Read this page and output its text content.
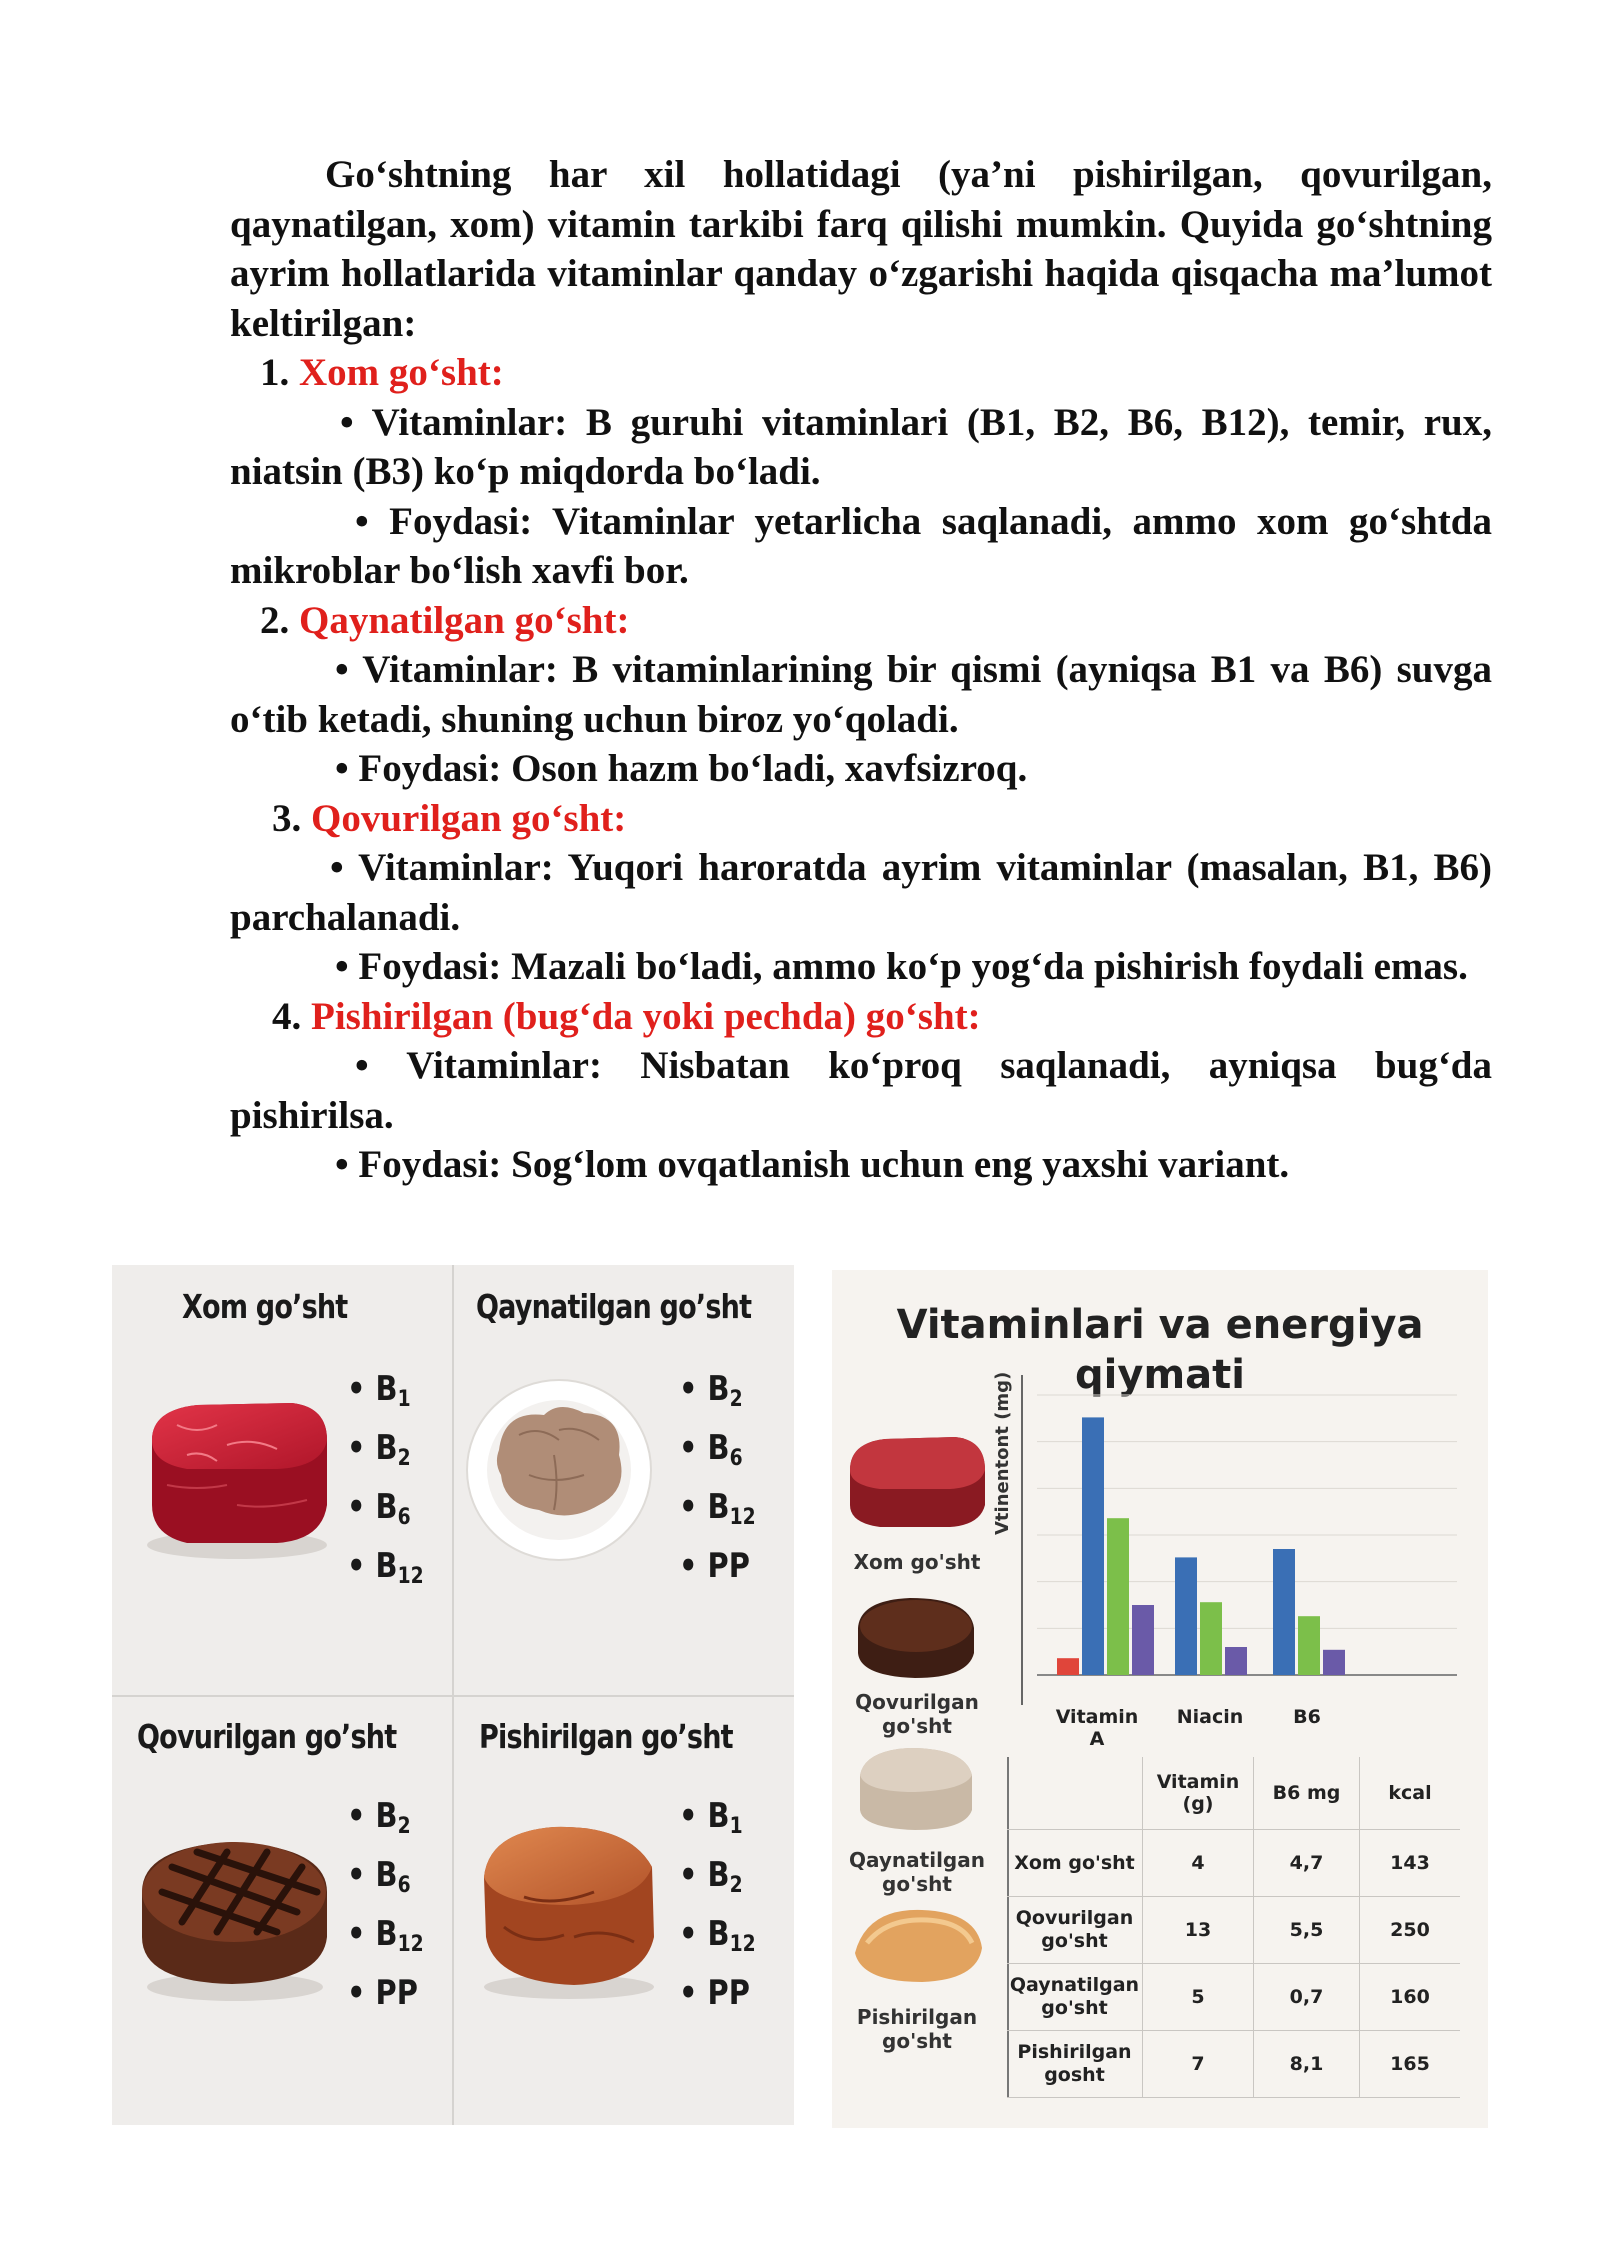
Go‘shtning har xil hollatidagi (ya’ni pishirilgan, qovurilgan, qaynatilgan, xom) vitamin tarkibi farq qilishi mumkin. Quyida go‘shtning ayrim hollatlarida vitaminlar qanday o‘zgarishi haqida qisqacha ma’lumot keltirilgan:

1. Xom go‘sht:

• Vitaminlar: B guruhi vitaminlari (B1, B2, B6, B12), temir, rux, niatsin (B3) ko‘p miqdorda bo‘ladi.

• Foydasi: Vitaminlar yetarlicha saqlanadi, ammo xom go‘shtda mikroblar bo‘lish xavfi bor.

2. Qaynatilgan go‘sht:

• Vitaminlar: B vitaminlarining bir qismi (ayniqsa B1 va B6) suvga o‘tib ketadi, shuning uchun biroz yo‘qoladi.

• Foydasi: Oson hazm bo‘ladi, xavfsizroq.

3. Qovurilgan go‘sht:

• Vitaminlar: Yuqori haroratda ayrim vitaminlar (masalan, B1, B6) parchalanadi.

• Foydasi: Mazali bo‘ladi, ammo ko‘p yog‘da pishirish foydali emas.

4. Pishirilgan (bug‘da yoki pechda) go‘sht:

• Vitaminlar: Nisbatan ko‘proq saqlanadi, ayniqsa bug‘da pishirilsa.

• Foydasi: Sog‘lom ovqatlanish uchun eng yaxshi variant.

Xom go’sht
• $B_1$
• $B_2$
• $B_6$
• $B_{12}$
Qaynatilgan go’sht
• $B_2$
• $B_6$
• $B_{12}$
• PP
Qovurilgan go’sht
• $B_2$
• $B_6$
• $B_{12}$
• PP
Pishirilgan go’sht
• $B_1$
• $B_2$
• $B_{12}$
• PP
Vitaminlari va energiya
qiymati
Xom go'sht
Qovurilgan go'sht
Qaynatilgan go'sht
Pishirilgan go'sht
Vtinentont (mg)
Vitamin A
Niacin	B6
	Vitamin (g)	B6 mg	kcal
Xom go'sht	4	4,7	143
Qovurilgan go'sht	13	5,5	250
Qaynatilgan go'sht	5	0,7	160
Pishirilgan gosht	7	8,1	165
